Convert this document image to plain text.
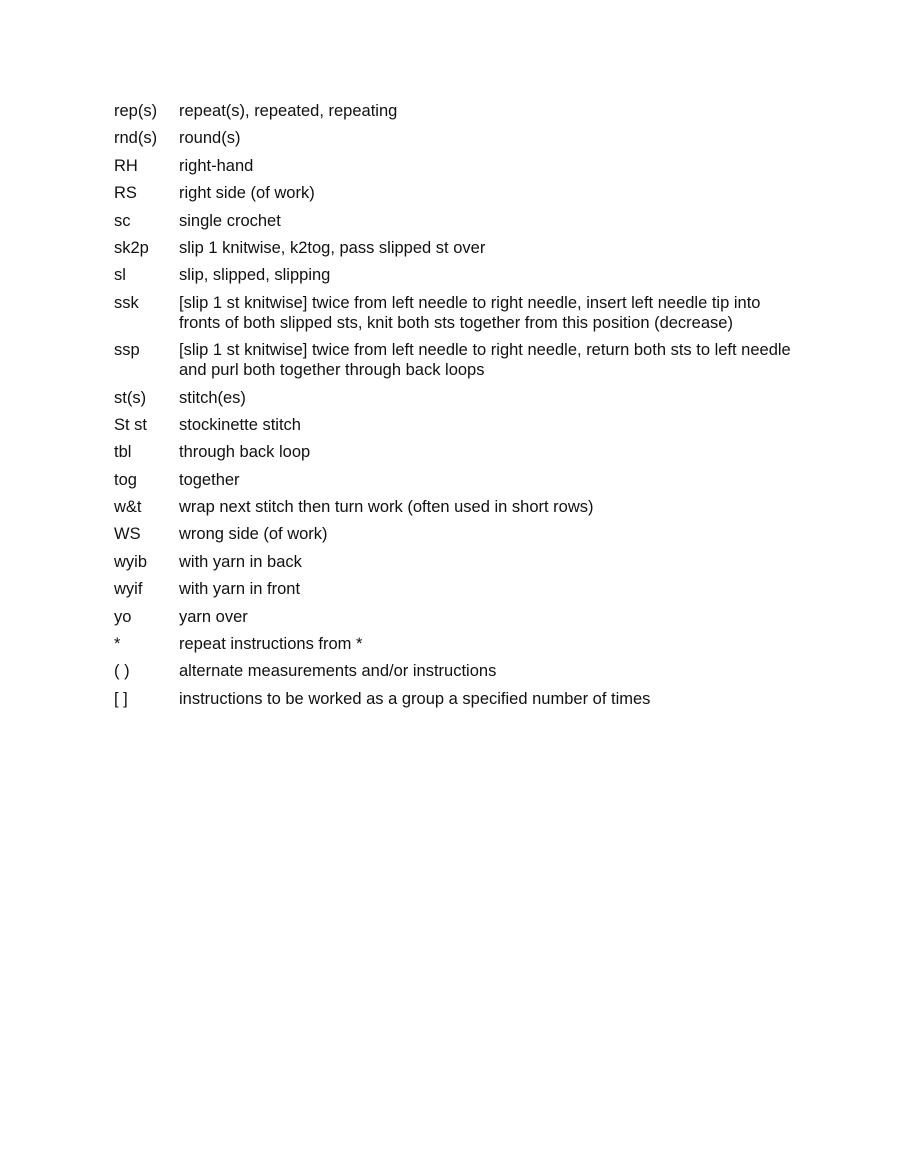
rep(s)	repeat(s), repeated, repeating
rnd(s)	round(s)
RH	right-hand
RS	right side (of work)
sc	single crochet
sk2p	slip 1 knitwise, k2tog, pass slipped st over
sl	slip, slipped, slipping
ssk	[slip 1 st knitwise] twice from left needle to right needle, insert left needle tip into fronts of both slipped sts, knit both sts together from this position (decrease)
ssp	[slip 1 st knitwise] twice from left needle to right needle, return both sts to left needle and purl both together through back loops
st(s)	stitch(es)
St st	stockinette stitch
tbl	through back loop
tog	together
w&t	wrap next stitch then turn work (often used in short rows)
WS	wrong side (of work)
wyib	with yarn in back
wyif	with yarn in front
yo	yarn over
*	repeat instructions from *
( )	alternate measurements and/or instructions
[ ]	instructions to be worked as a group a specified number of times
